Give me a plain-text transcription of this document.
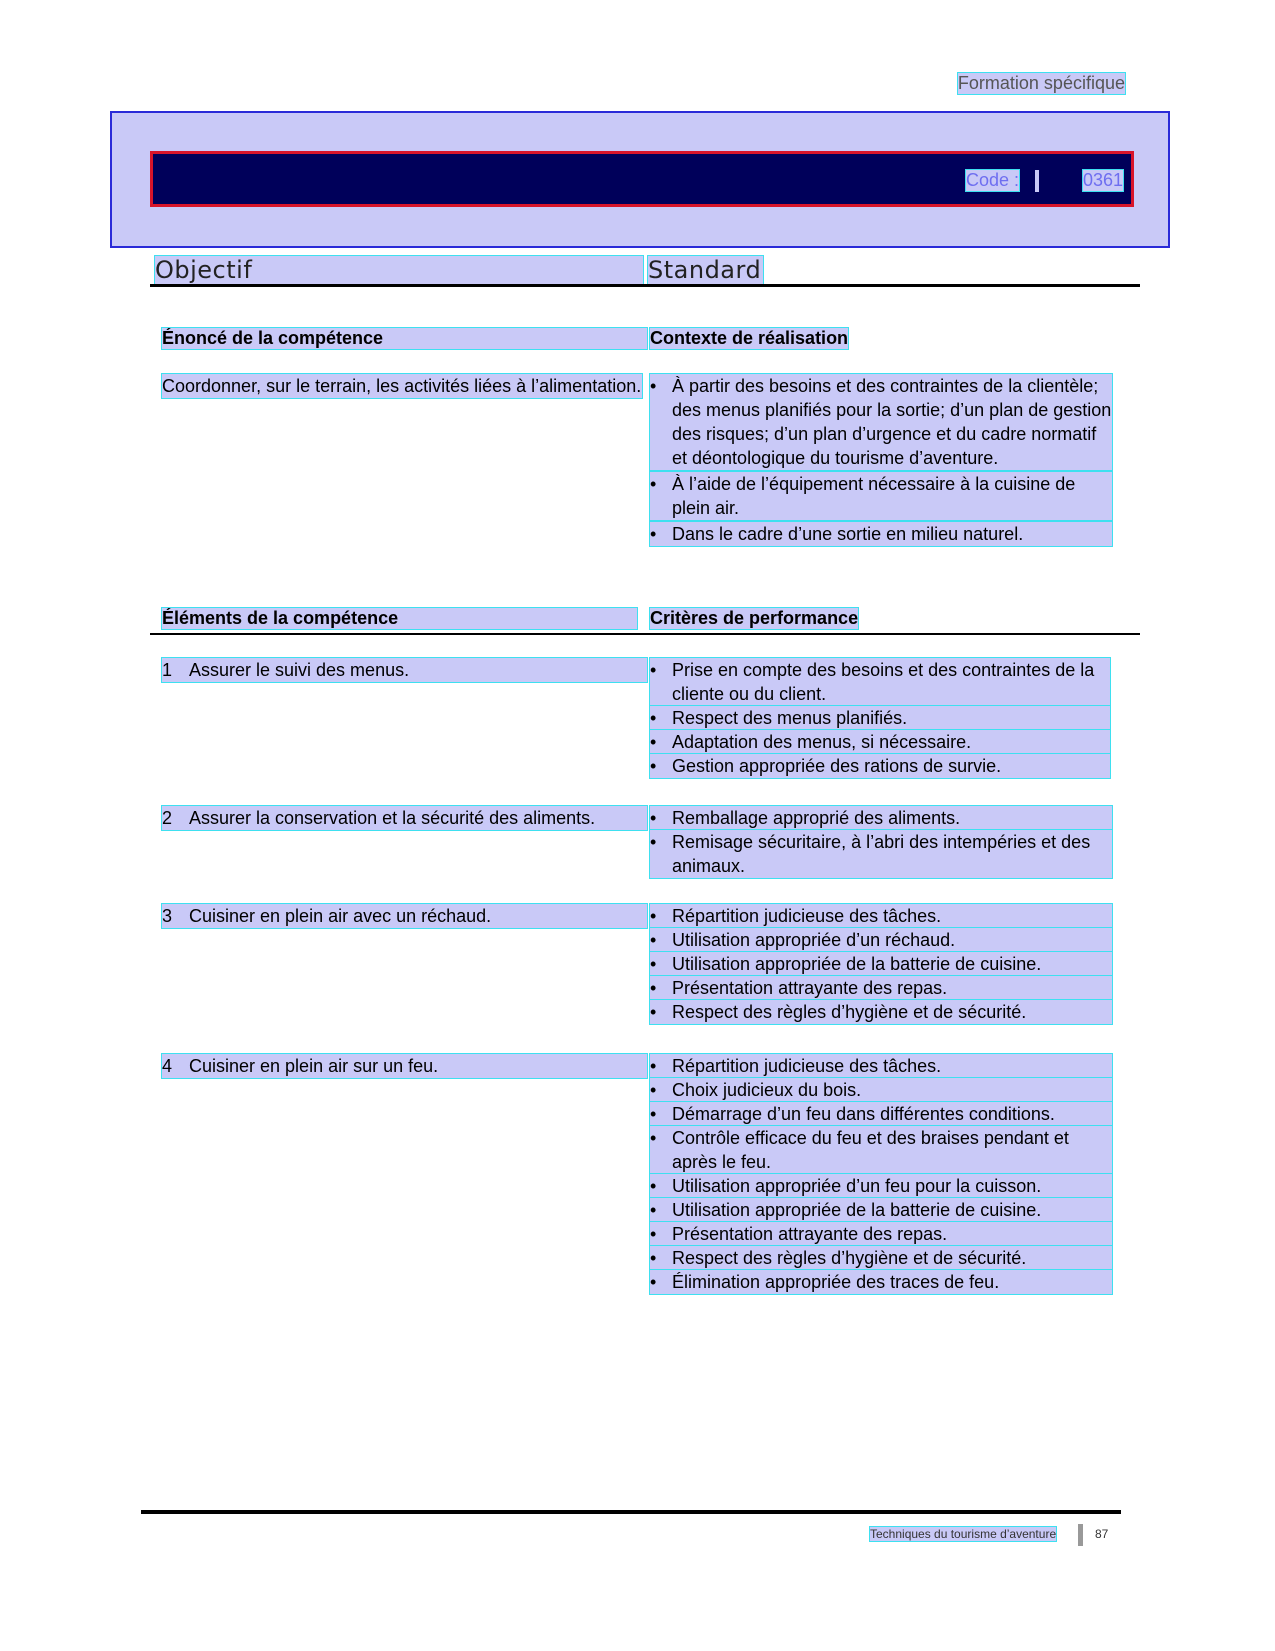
Formation spécifique
Code :	0361
Objectif	Standard
Énoncé de la compétence	Contexte de réalisation
Coordonner, sur le terrain, les activités liées à l’alimentation.	• À partir des besoins et des contraintes de la clientèle; des menus planifiés pour la sortie; d’un plan de gestion des risques; d’un plan d’urgence et du cadre normatif et déontologique du tourisme d’aventure.
• À l’aide de l’équipement nécessaire à la cuisine de plein air.
• Dans le cadre d’une sortie en milieu naturel.
Éléments de la compétence	Critères de performance
1 Assurer le suivi des menus.	• Prise en compte des besoins et des contraintes de la cliente ou du client.
• Respect des menus planifiés.
• Adaptation des menus, si nécessaire.
• Gestion appropriée des rations de survie.
2 Assurer la conservation et la sécurité des aliments.	• Remballage approprié des aliments.
• Remisage sécuritaire, à l’abri des intempéries et des animaux.
3 Cuisiner en plein air avec un réchaud.	• Répartition judicieuse des tâches.
• Utilisation appropriée d’un réchaud.
• Utilisation appropriée de la batterie de cuisine.
• Présentation attrayante des repas.
• Respect des règles d’hygiène et de sécurité.
4 Cuisiner en plein air sur un feu.	• Répartition judicieuse des tâches.
• Choix judicieux du bois.
• Démarrage d’un feu dans différentes conditions.
• Contrôle efficace du feu et des braises pendant et après le feu.
• Utilisation appropriée d’un feu pour la cuisson.
• Utilisation appropriée de la batterie de cuisine.
• Présentation attrayante des repas.
• Respect des règles d’hygiène et de sécurité.
• Élimination appropriée des traces de feu.
Techniques du tourisme d’aventure	87
